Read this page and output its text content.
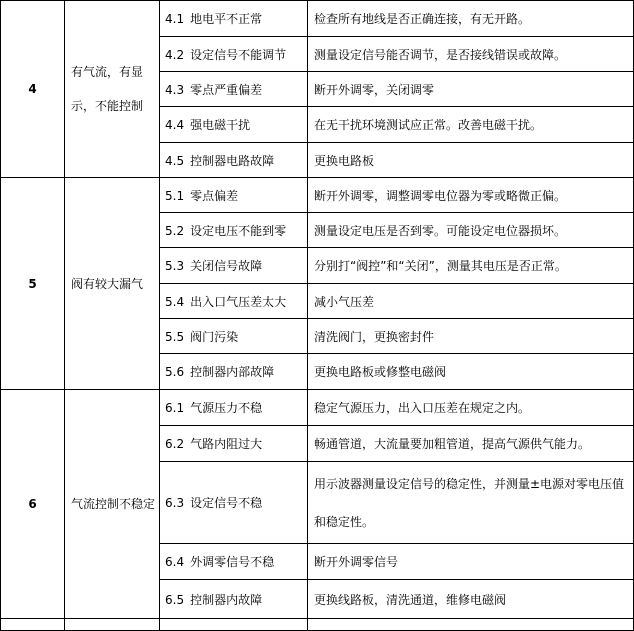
4	有气流，有显示，不能控制	4.1 地电平不正常	检查所有地线是否正确连接，有无开路。
		4.2 设定信号不能调节	测量设定信号能否调节，是否接线错误或故障。
		4.3 零点严重偏差	断开外调零，关闭调零
		4.4 强电磁干扰	在无干扰环境测试应正常。改善电磁干扰。
		4.5 控制器电路故障	更换电路板
5	阀有较大漏气	5.1 零点偏差	断开外调零，调整调零电位器为零或略微正偏。
		5.2 设定电压不能到零	测量设定电压是否到零。可能设定电位器损坏。
		5.3 关闭信号故障	分别打“阀控”和“关闭”，测量其电压是否正常。
		5.4 出入口气压差太大	减小气压差
		5.5 阀门污染	清洗阀门，更换密封件
		5.6 控制器内部故障	更换电路板或修整电磁阀
6	气流控制不稳定	6.1 气源压力不稳	稳定气源压力，出入口压差在规定之内。
		6.2 气路内阻过大	畅通管道，大流量要加粗管道，提高气源供气能力。
		6.3 设定信号不稳	用示波器测量设定信号的稳定性，并测量±电源对零电压值和稳定性。
		6.4 外调零信号不稳	断开外调零信号
		6.5 控制器内故障	更换线路板，清洗通道，维修电磁阀
